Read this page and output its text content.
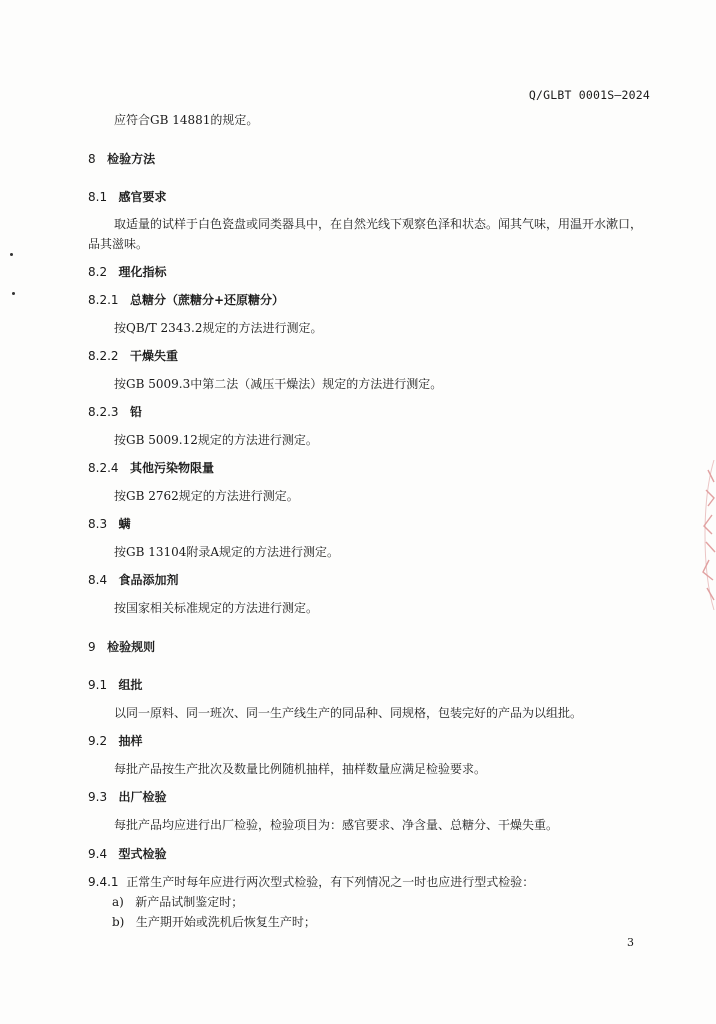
Q/GLBT 0001S—2024
应符合GB 14881的规定。
8 检验方法
8.1 感官要求
取适量的试样于白色瓷盘或同类器具中，在自然光线下观察色泽和状态。闻其气味，用温开水漱口，
品其滋味。
8.2 理化指标
8.2.1 总糖分（蔗糖分+还原糖分）
按QB/T 2343.2规定的方法进行测定。
8.2.2 干燥失重
按GB 5009.3中第二法（减压干燥法）规定的方法进行测定。
8.2.3 铅
按GB 5009.12规定的方法进行测定。
8.2.4 其他污染物限量
按GB 2762规定的方法进行测定。
8.3 螨
按GB 13104附录A规定的方法进行测定。
8.4 食品添加剂
按国家相关标准规定的方法进行测定。
9 检验规则
9.1 组批
以同一原料、同一班次、同一生产线生产的同品种、同规格，包装完好的产品为以组批。
9.2 抽样
每批产品按生产批次及数量比例随机抽样，抽样数量应满足检验要求。
9.3 出厂检验
每批产品均应进行出厂检验，检验项目为：感官要求、净含量、总糖分、干燥失重。
9.4 型式检验
9.4.1 正常生产时每年应进行两次型式检验，有下列情况之一时也应进行型式检验：
a) 新产品试制鉴定时；
b) 生产期开始或洗机后恢复生产时；
3
